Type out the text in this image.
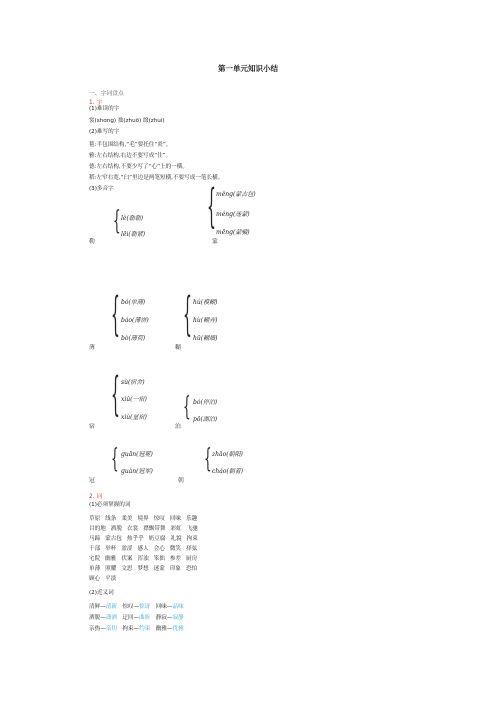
第一单元知识小结
一、字词盘点
1. 字
(1)难读的字
裳(shɑnɡ) 拙(zhuō) 缀(zhuì)
(2)难写的字
毯:半包围结构,“毛”要托住“炎”。
雅:左右结构,右边不要写成“住”。
德:左右结构,不要少写了“心”上的一横。
稻:左窄右宽,“臼”里边是两笔短横,不要写成一笔长横。
(3)多音字
勒
{ lè(勒勒)
lēi(勒紧)
蒙
{ měnɡ(蒙古包)
ménɡ(迷蒙)
mēnɡ(蒙骗)
薄
{ bó(单薄)
báo(薄饼)
bò(薄荷)
糊
{ hú(模糊)
hù(糊弄)
hū(糊墙)
宿
{ sù(宿舍)
xiǔ(一宿)
xiù(星宿)
泊
{ bó(停泊)
pō(湖泊)
冠
{ ɡuān(冠冕)
ɡuàn(冠军)
朝
{ zhāo(朝阳)
cháo(朝着)
2. 词
(1)必须掌握的词
草原 线条 柔美 境界 惊叹 回味 乐趣
目的地 洒脱 衣裳 襟飘带舞 彩虹 飞驰
马蹄 蒙古包 热乎乎 奶豆腐 礼貌 拘束
干部 举杯 盈涩 感人 会心 微笑 择弦
宅院 幽雅 伏案 浑浊 笨拙 参差 厨房
单薄 照耀 文思 梦想 迷蒙 印象 恐怕
顾心 平淡
(2)近义词
清鲜—清新 惊叹—惊讶 回味—品味
洒脱—潇洒 迂回—曲折 静寂—寂静
亲热—亲切 拘束—约束 幽雅—优雅
